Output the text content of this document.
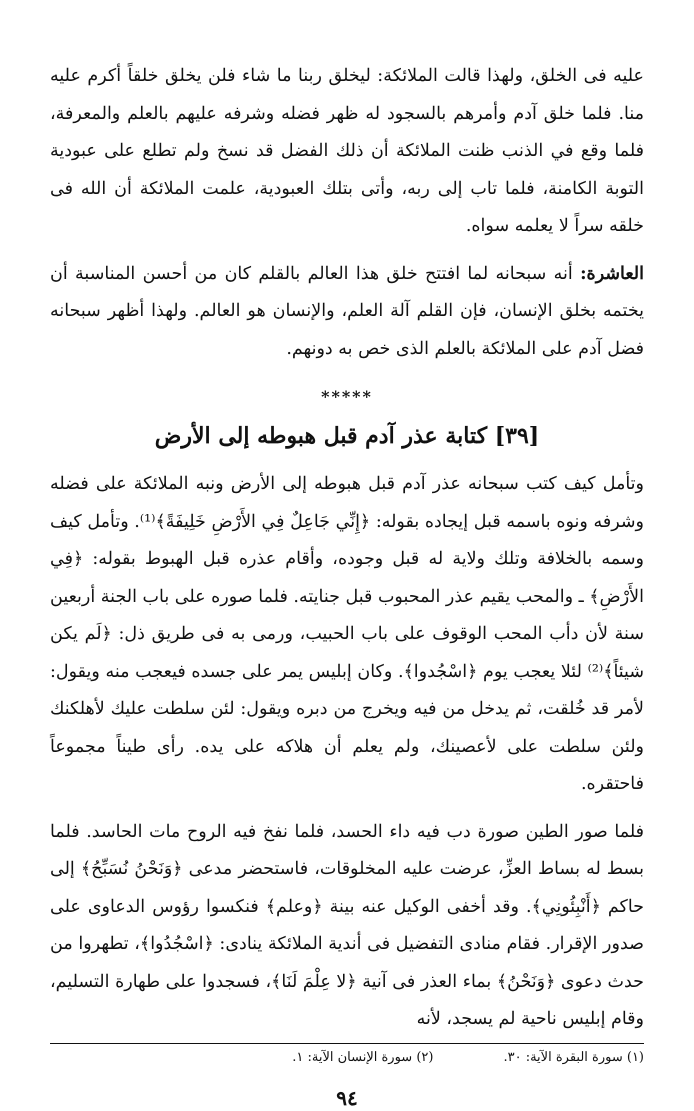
عليه فى الخلق، ولهذا قالت الملائكة: ليخلق ربنا ما شاء فلن يخلق خلقاً أكرم عليه منا. فلما خلق آدم وأمرهم بالسجود له ظهر فضله وشرفه عليهم بالعلم والمعرفة، فلما وقع في الذنب ظنت الملائكة أن ذلك الفضل قد نسخ ولم تطلع على عبودية التوبة الكامنة، فلما تاب إلى ربه، وأتى بتلك العبودية، علمت الملائكة أن الله فى خلقه سراً لا يعلمه سواه.

العاشرة: أنه سبحانه لما افتتح خلق هذا العالم بالقلم كان من أحسن المناسبة أن يختمه بخلق الإنسان، فإن القلم آلة العلم، والإنسان هو العالم. ولهذا أظهر سبحانه فضل آدم على الملائكة بالعلم الذى خص به دونهم.

*****
[٣٩] كتابة عذر آدم قبل هبوطه إلى الأرض

وتأمل كيف كتب سبحانه عذر آدم قبل هبوطه إلى الأرض ونبه الملائكة على فضله وشرفه ونوه باسمه قبل إيجاده بقوله: ﴿إِنِّي جَاعِلٌ فِي الأَرْضِ خَلِيفَةً﴾⁽¹⁾. وتأمل كيف وسمه بالخلافة وتلك ولاية له قبل وجوده، وأقام عذره قبل الهبوط بقوله: ﴿فِي الأَرْضِ﴾ ـ والمحب يقيم عذر المحبوب قبل جنايته. فلما صوره على باب الجنة أربعين سنة لأن دأب المحب الوقوف على باب الحبيب، ورمى به فى طريق ذل: ﴿لَم يكن شيئاً﴾⁽²⁾ لئلا يعجب يوم ﴿اسْجُدوا﴾. وكان إبليس يمر على جسده فيعجب منه ويقول: لأمر قد خُلقت، ثم يدخل من فيه ويخرج من دبره ويقول: لئن سلطت عليك لأهلكنك ولئن سلطت على لأعصينك، ولم يعلم أن هلاكه على يده. رأى طيناً مجموعاً فاحتقره.

فلما صور الطين صورة دب فيه داء الحسد، فلما نفخ فيه الروح مات الحاسد. فلما بسط له بساط العزِّ، عرضت عليه المخلوقات، فاستحضر مدعى ﴿وَنَحْنُ نُسَبِّحُ﴾ إلى حاكم ﴿أَنْبِئُونِي﴾. وقد أخفى الوكيل عنه بينة ﴿وعلم﴾ فنكسوا رؤوس الدعاوى على صدور الإقرار. فقام منادى التفضيل فى أندية الملائكة ينادى: ﴿اسْجُدُوا﴾، تطهروا من حدث دعوى ﴿وَنَحْنُ﴾ بماء العذر فى آنية ﴿لا عِلْمَ لَنَا﴾، فسجدوا على طهارة التسليم، وقام إبليس ناحية لم يسجد، لأنه

(١) سورة البقرة الآية: ٣٠.
(٢) سورة الإنسان الآية: ١.
٩٤
